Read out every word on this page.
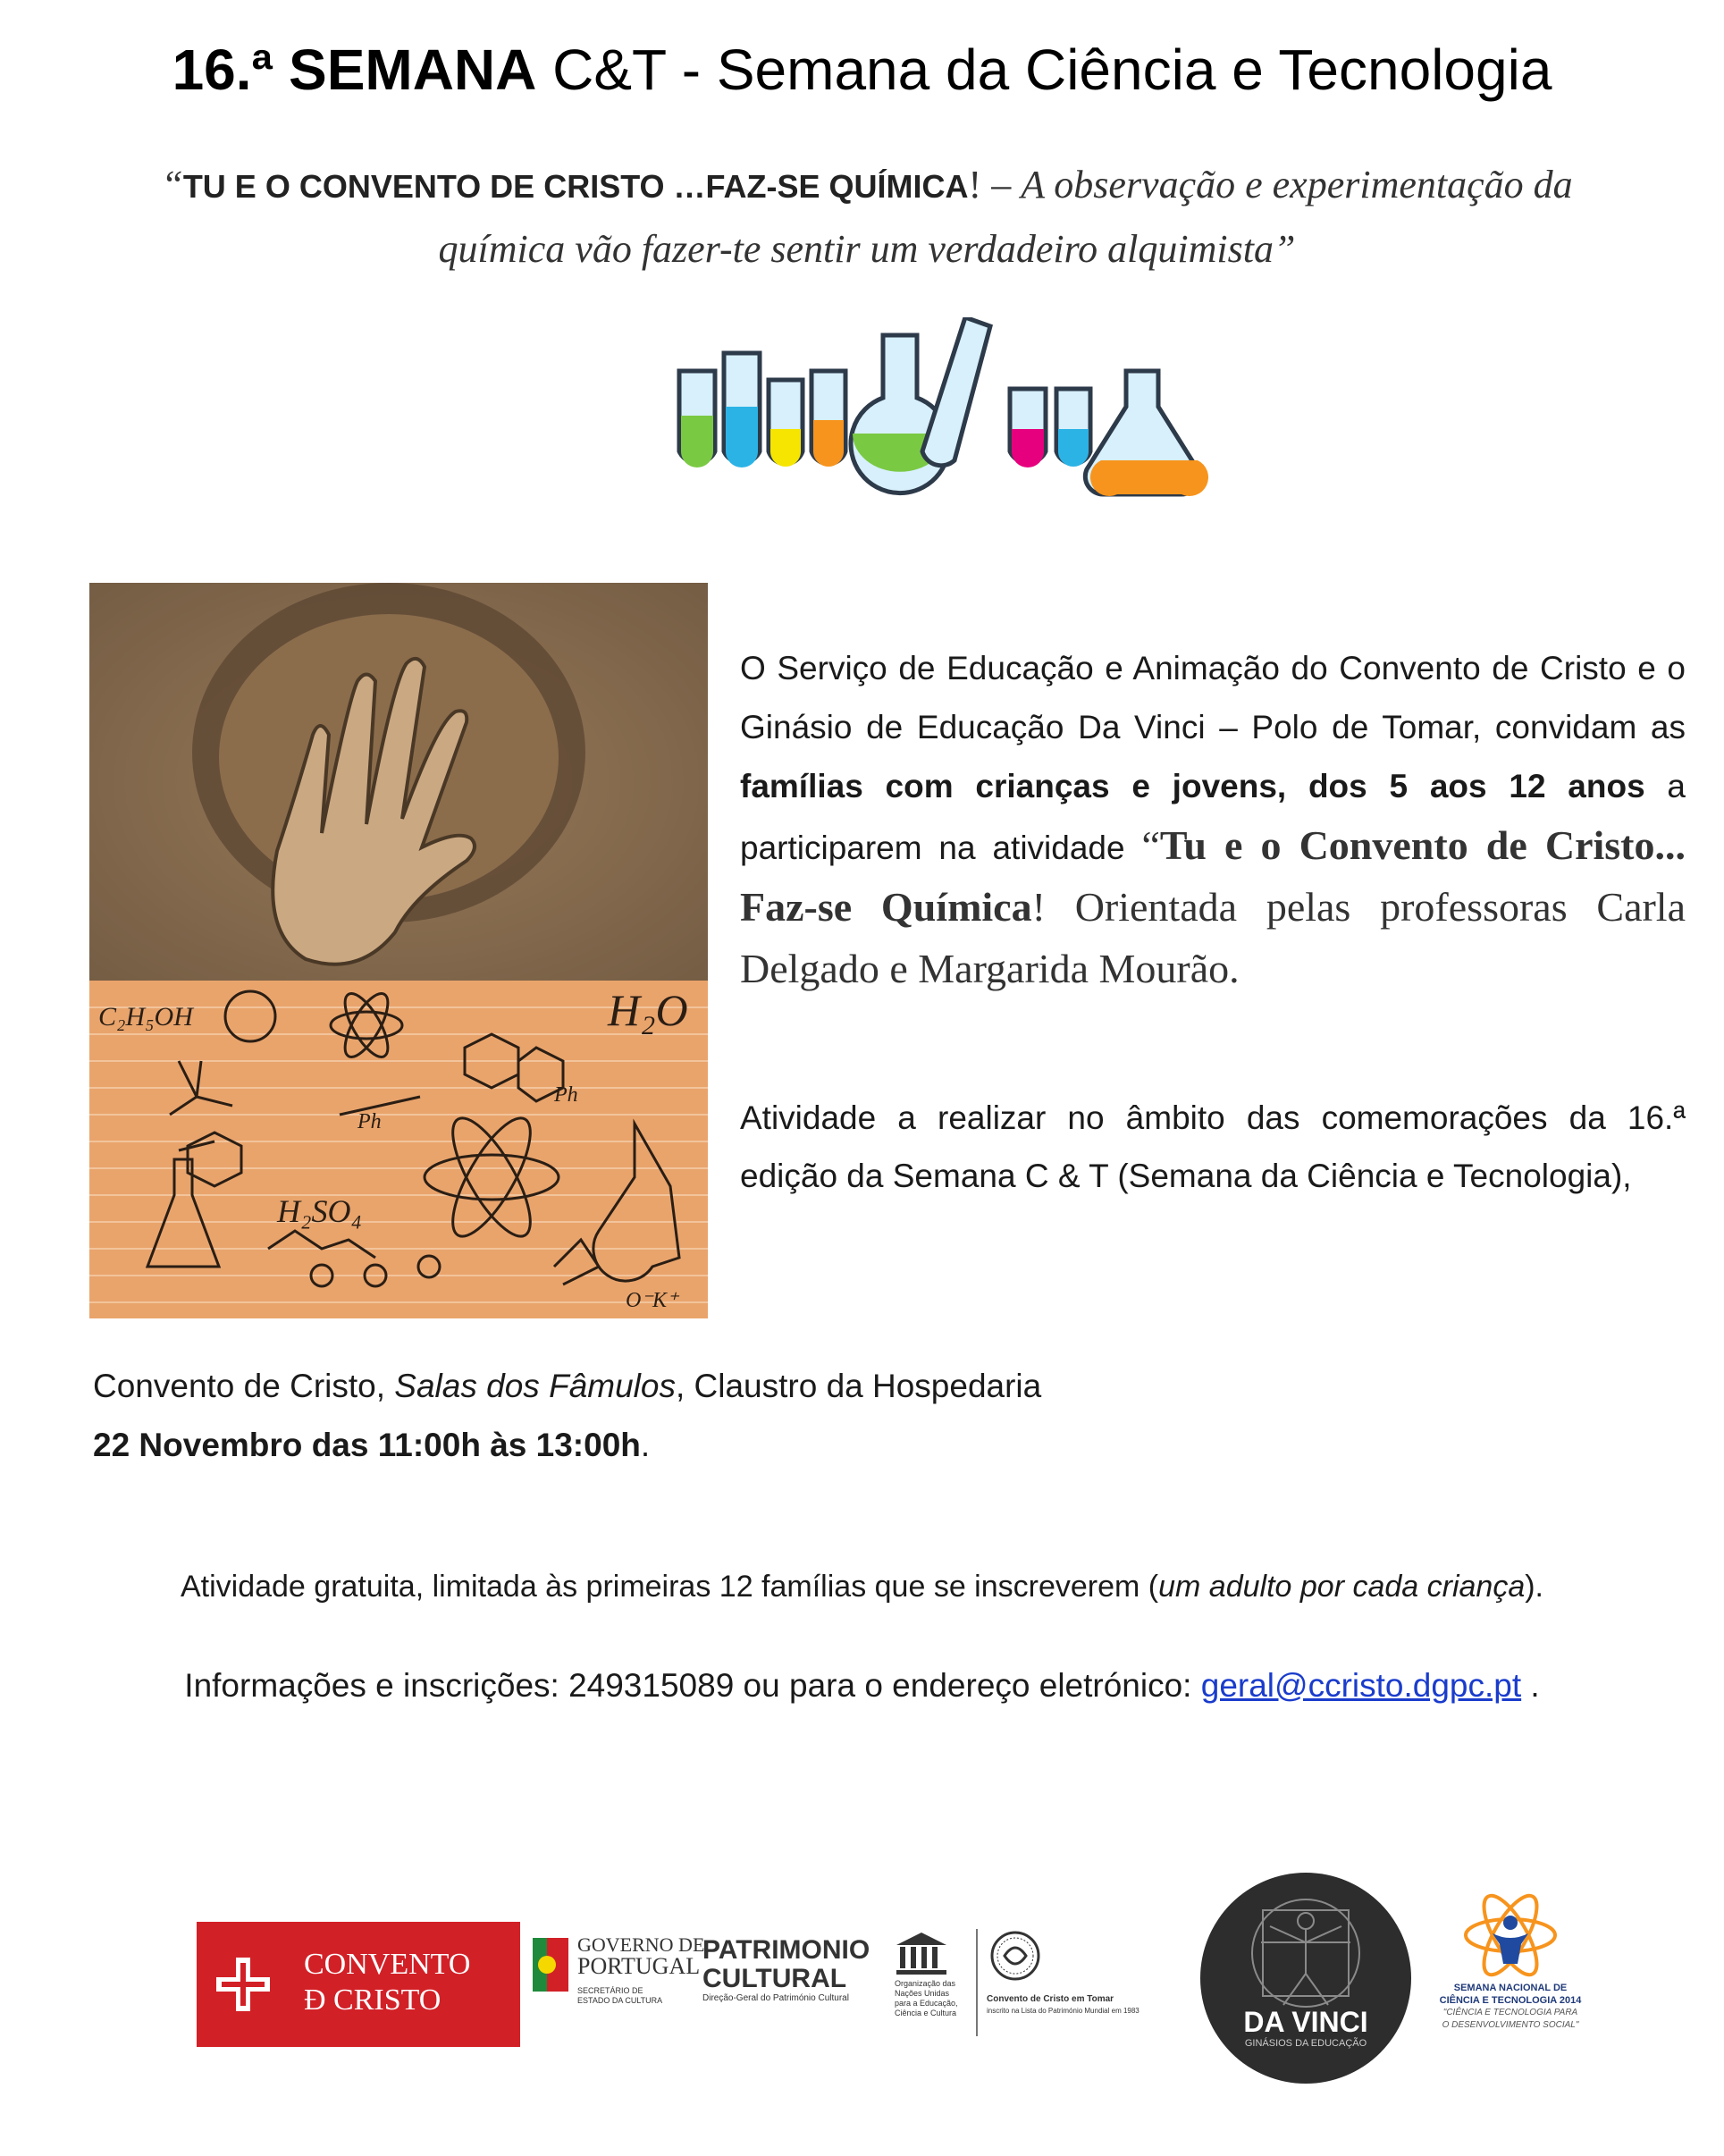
16.ª SEMANA C&T - Semana da Ciência e Tecnologia
“TU E O CONVENTO DE CRISTO …FAZ-SE QUÍMICA! – A observação e experimentação da química vão fazer-te sentir um verdadeiro alquimista”
C₂H₅OH	H₂O
H₂SO₄
Ph
Ph
O⁻K⁺
O Serviço de Educação e Animação do Convento de Cristo e o Ginásio de Educação Da Vinci – Polo de Tomar, convidam as famílias com crianças e jovens, dos 5 aos 12 anos a participarem na atividade “Tu e o Convento de Cristo... Faz-se Química! Orientada pelas professoras Carla Delgado e Margarida Mourão.
Atividade a realizar no âmbito das comemorações da 16.ª edição da Semana C & T (Semana da Ciência e Tecnologia),
Convento de Cristo, Salas dos Fâmulos, Claustro da Hospedaria
22 Novembro das 11:00h às 13:00h.
Atividade gratuita, limitada às primeiras 12 famílias que se inscreverem (um adulto por cada criança).
Informações e inscrições: 249315089 ou para o endereço eletrónico: geral@ccristo.dgpc.pt .
CONVENTO
Ð CRISTO
GOVERNO DE
PORTUGAL
SECRETÁRIO DE ESTADO DA CULTURA
PATRIMONIO
CULTURAL
Direção-Geral do Património Cultural
Organização das Nações Unidas para a Educação, Ciência e Cultura
Convento de Cristo em Tomar
inscrito na Lista do Património Mundial em 1983	DA VINCI
GINÁSIOS DA EDUCAÇÃO
SEMANA NACIONAL DE
CIÊNCIA E TECNOLOGIA 2014
"CIÊNCIA E TECNOLOGIA PARA
O DESENVOLVIMENTO SOCIAL"
